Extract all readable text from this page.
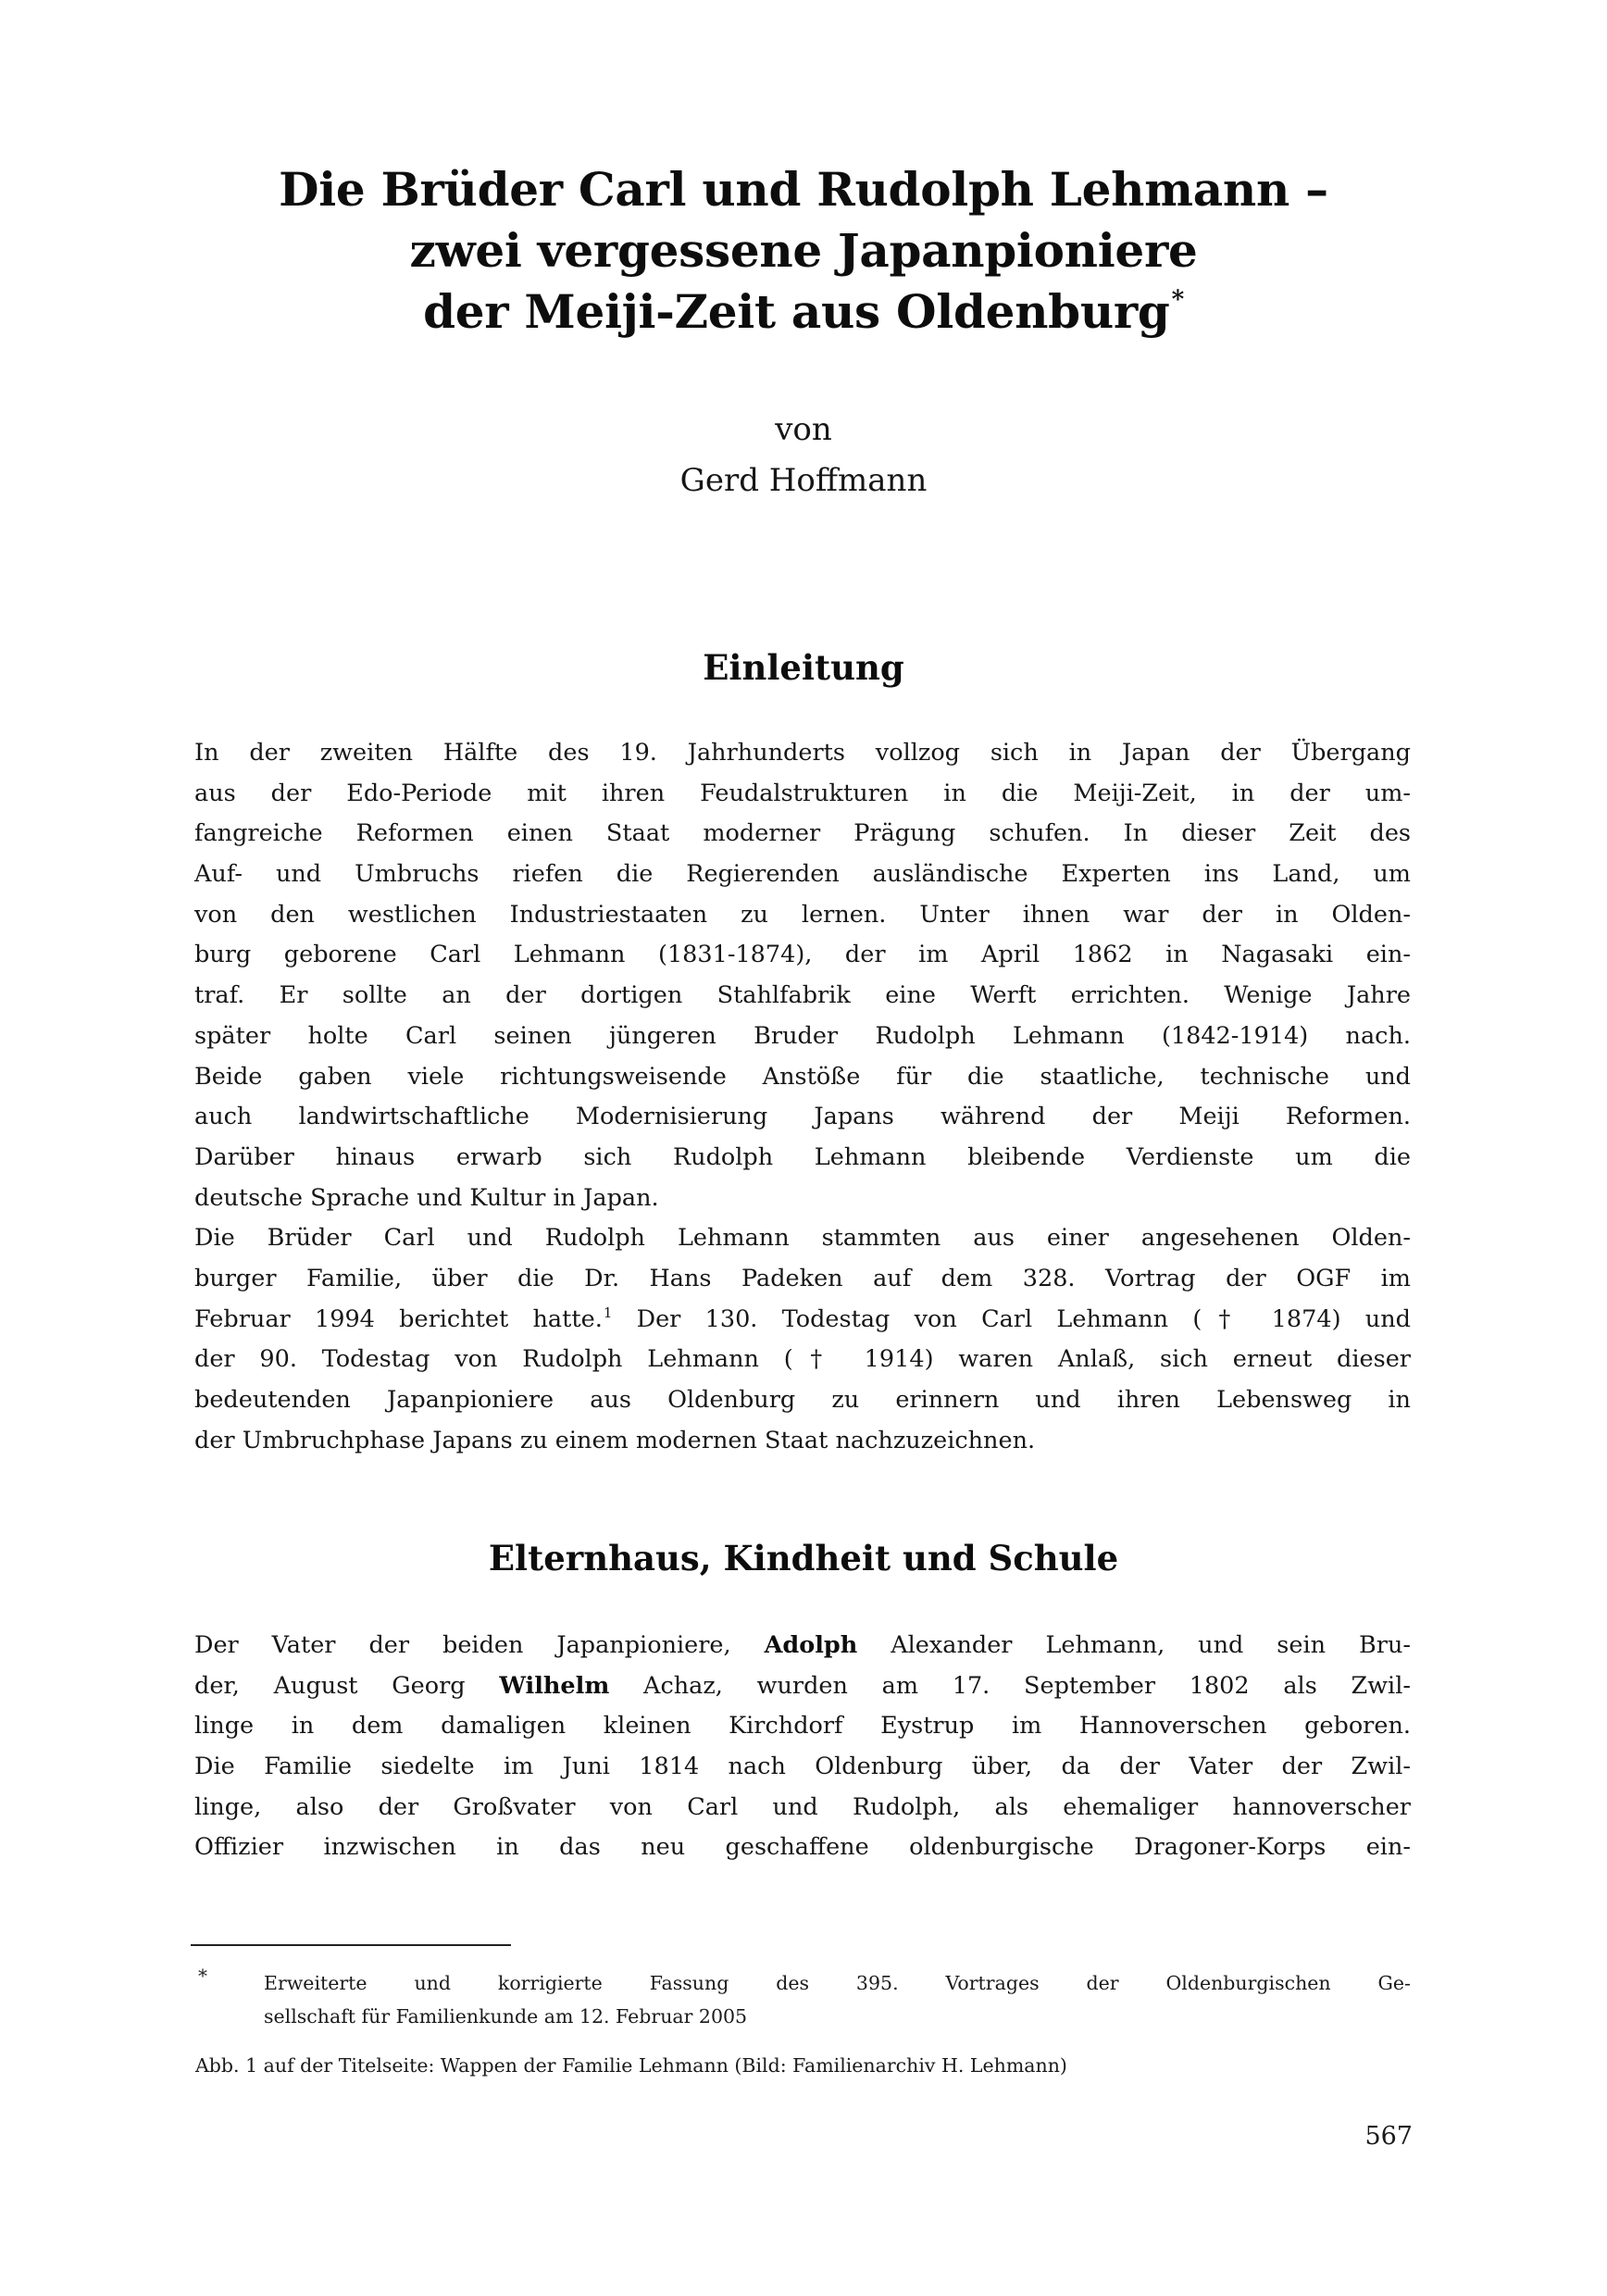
Die Brüder Carl und Rudolph Lehmann –
zwei vergessene Japanpioniere
der Meiji-Zeit aus Oldenburg*
von
Gerd Hoffmann
Einleitung
In der zweiten Hälfte des 19. Jahrhunderts vollzog sich in Japan der Übergang
aus der Edo-Periode mit ihren Feudalstrukturen in die Meiji-Zeit, in der um-
fangreiche Reformen einen Staat moderner Prägung schufen. In dieser Zeit des
Auf- und Umbruchs riefen die Regierenden ausländische Experten ins Land, um
von den westlichen Industriestaaten zu lernen. Unter ihnen war der in Olden-
burg geborene Carl Lehmann (1831-1874), der im April 1862 in Nagasaki ein-
traf. Er sollte an der dortigen Stahlfabrik eine Werft errichten. Wenige Jahre
später holte Carl seinen jüngeren Bruder Rudolph Lehmann (1842-1914) nach.
Beide gaben viele richtungsweisende Anstöße für die staatliche, technische und
auch landwirtschaftliche Modernisierung Japans während der Meiji Reformen.
Darüber hinaus erwarb sich Rudolph Lehmann bleibende Verdienste um die
deutsche Sprache und Kultur in Japan.
Die Brüder Carl und Rudolph Lehmann stammten aus einer angesehenen Olden-
burger Familie, über die Dr. Hans Padeken auf dem 328. Vortrag der OGF im
Februar 1994 berichtet hatte.$^1$ Der 130. Todestag von Carl Lehmann († 1874) und
der 90. Todestag von Rudolph Lehmann († 1914) waren Anlaß, sich erneut dieser
bedeutenden Japanpioniere aus Oldenburg zu erinnern und ihren Lebensweg in
der Umbruchphase Japans zu einem modernen Staat nachzuzeichnen.
Elternhaus, Kindheit und Schule
Der Vater der beiden Japanpioniere, Adolph Alexander Lehmann, und sein Bru-
der, August Georg Wilhelm Achaz, wurden am 17. September 1802 als Zwil-
linge in dem damaligen kleinen Kirchdorf Eystrup im Hannoverschen geboren.
Die Familie siedelte im Juni 1814 nach Oldenburg über, da der Vater der Zwil-
linge, also der Großvater von Carl und Rudolph, als ehemaliger hannoverscher
Offizier inzwischen in das neu geschaffene oldenburgische Dragoner-Korps ein-
*	Erweiterte und korrigierte Fassung des 395. Vortrages der Oldenburgischen Ge-
sellschaft für Familienkunde am 12. Februar 2005
Abb. 1 auf der Titelseite: Wappen der Familie Lehmann (Bild: Familienarchiv H. Lehmann)
567
